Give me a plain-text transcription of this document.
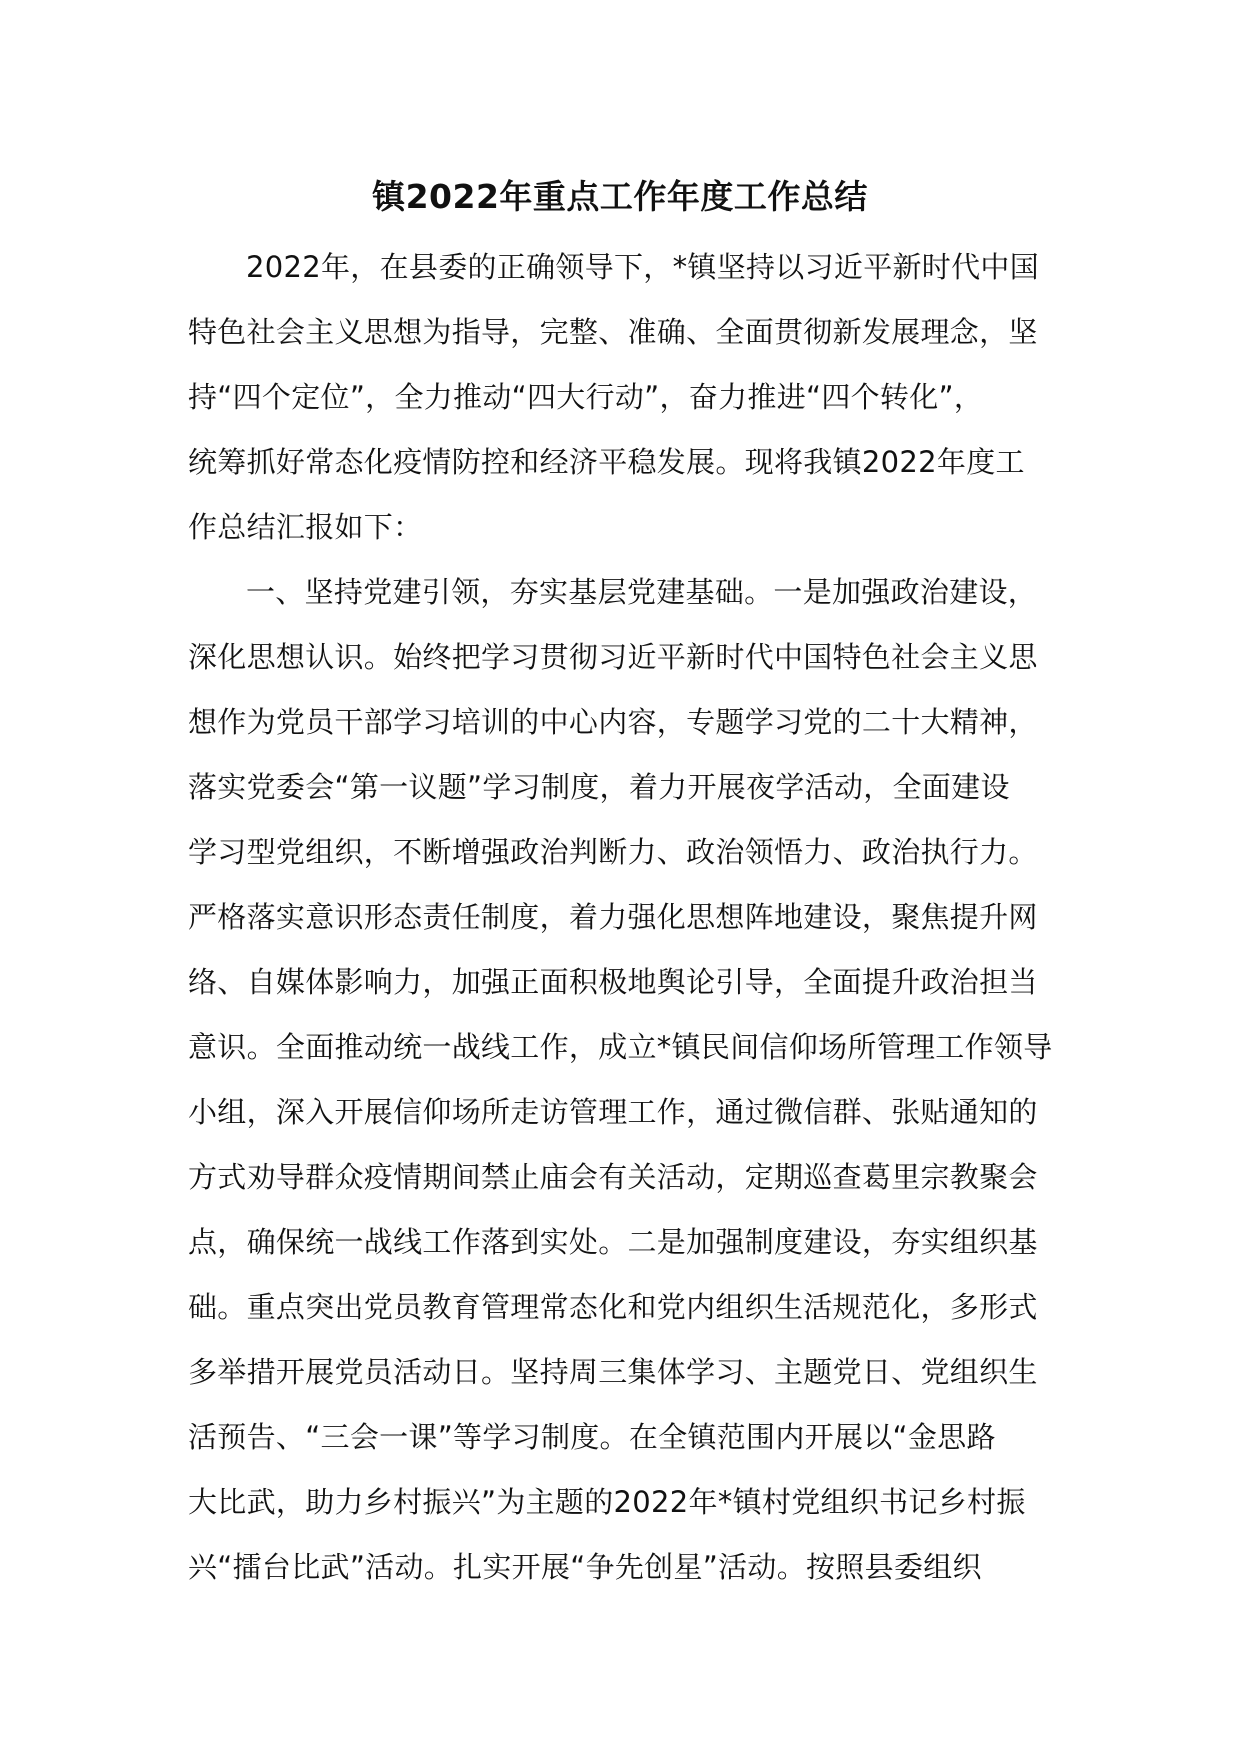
镇2022年重点工作年度工作总结
2022年，在县委的正确领导下，*镇坚持以习近平新时代中国
特色社会主义思想为指导，完整、准确、全面贯彻新发展理念，坚
持“四个定位”，全力推动“四大行动”，奋力推进“四个转化”，
统筹抓好常态化疫情防控和经济平稳发展。现将我镇2022年度工
作总结汇报如下：
一、坚持党建引领，夯实基层党建基础。一是加强政治建设，
深化思想认识。始终把学习贯彻习近平新时代中国特色社会主义思
想作为党员干部学习培训的中心内容，专题学习党的二十大精神，
落实党委会“第一议题”学习制度，着力开展夜学活动，全面建设
学习型党组织，不断增强政治判断力、政治领悟力、政治执行力。
严格落实意识形态责任制度，着力强化思想阵地建设，聚焦提升网
络、自媒体影响力，加强正面积极地舆论引导，全面提升政治担当
意识。全面推动统一战线工作，成立*镇民间信仰场所管理工作领导
小组，深入开展信仰场所走访管理工作，通过微信群、张贴通知的
方式劝导群众疫情期间禁止庙会有关活动，定期巡查葛里宗教聚会
点，确保统一战线工作落到实处。二是加强制度建设，夯实组织基
础。重点突出党员教育管理常态化和党内组织生活规范化，多形式
多举措开展党员活动日。坚持周三集体学习、主题党日、党组织生
活预告、“三会一课”等学习制度。在全镇范围内开展以“金思路
大比武，助力乡村振兴”为主题的2022年*镇村党组织书记乡村振
兴“擂台比武”活动。扎实开展“争先创星”活动。按照县委组织
